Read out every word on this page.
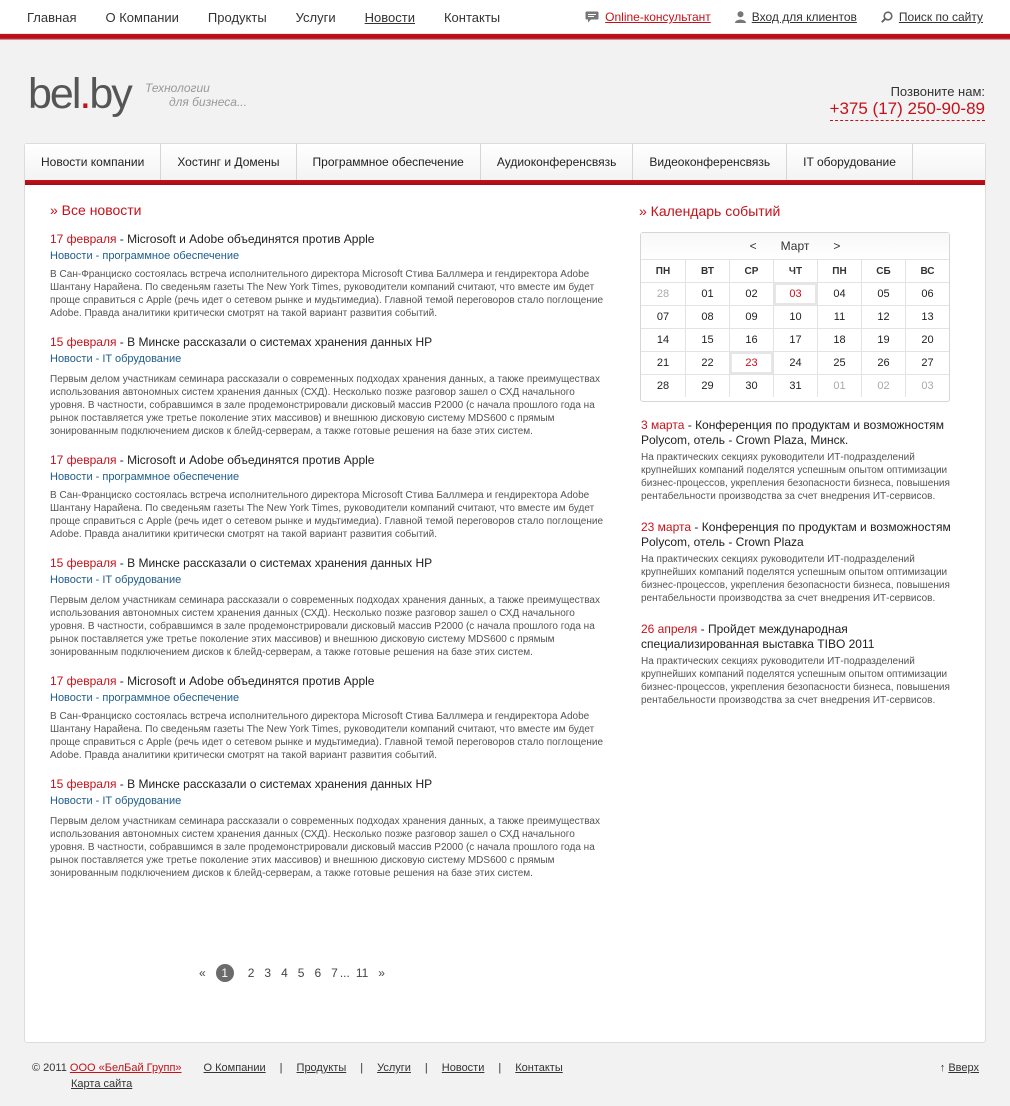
Главная О Компании Продукты Услуги Новости Контакты	Online-консультант	Вход для клиентов	Поиск по сайту
bel.by Технологии
для бизнеса...
Позвоните нам:
+375 (17) 250-90-89
Новости компании	Хостинг и Домены	Программное обеспечение	Аудиоконференсвязь	Видеоконференсвязь	IT оборудование
» Все новости
17 февраля - Microsoft и Adobe объединятся против Apple
Новости - программное обеспечение
В Сан-Франциско состоялась встреча исполнительного директора Microsoft Стива Баллмера и гендиректора Adobe Шантану Нарайена. По сведеньям газеты The New York Times, руководители компаний считают, что вместе им будет проще справиться с Apple (речь идет о сетевом рынке и мудьтимедиа). Главной темой переговоров стало поглощение Adobe. Правда аналитики критически смотрят на такой вариант развития событий.
15 февраля - В Минске рассказали о системах хранения данных HP
Новости - IT обрудование
Первым делом участникам семинара рассказали о современных подходах хранения данных, а также преимуществах использования автономных систем хранения данных (СХД). Несколько позже разговор зашел о СХД начального уровня. В частности, собравшимся в зале продемонстрировали дисковый массив P2000 (с начала прошлого года на рынок поставляется уже третье поколение этих массивов) и внешнюю дисковую систему MDS600 с прямым зонированным подключением дисков к блейд-серверам, а также готовые решения на базе этих систем.
17 февраля - Microsoft и Adobe объединятся против Apple
Новости - программное обеспечение
В Сан-Франциско состоялась встреча исполнительного директора Microsoft Стива Баллмера и гендиректора Adobe Шантану Нарайена. По сведеньям газеты The New York Times, руководители компаний считают, что вместе им будет проще справиться с Apple (речь идет о сетевом рынке и мудьтимедиа). Главной темой переговоров стало поглощение Adobe. Правда аналитики критически смотрят на такой вариант развития событий.
15 февраля - В Минске рассказали о системах хранения данных HP
Новости - IT обрудование
Первым делом участникам семинара рассказали о современных подходах хранения данных, а также преимуществах использования автономных систем хранения данных (СХД). Несколько позже разговор зашел о СХД начального уровня. В частности, собравшимся в зале продемонстрировали дисковый массив P2000 (с начала прошлого года на рынок поставляется уже третье поколение этих массивов) и внешнюю дисковую систему MDS600 с прямым зонированным подключением дисков к блейд-серверам, а также готовые решения на базе этих систем.
17 февраля - Microsoft и Adobe объединятся против Apple
Новости - программное обеспечение
В Сан-Франциско состоялась встреча исполнительного директора Microsoft Стива Баллмера и гендиректора Adobe Шантану Нарайена. По сведеньям газеты The New York Times, руководители компаний считают, что вместе им будет проще справиться с Apple (речь идет о сетевом рынке и мудьтимедиа). Главной темой переговоров стало поглощение Adobe. Правда аналитики критически смотрят на такой вариант развития событий.
15 февраля - В Минске рассказали о системах хранения данных HP
Новости - IT обрудование
Первым делом участникам семинара рассказали о современных подходах хранения данных, а также преимуществах использования автономных систем хранения данных (СХД). Несколько позже разговор зашел о СХД начального уровня. В частности, собравшимся в зале продемонстрировали дисковый массив P2000 (с начала прошлого года на рынок поставляется уже третье поколение этих массивов) и внешнюю дисковую систему MDS600 с прямым зонированным подключением дисков к блейд-серверам, а также готовые решения на базе этих систем.
«	1	2 3 4 5 6 7 ... 11 »
» Календарь событий
< Март >
ПН	ВТ	СР	ЧТ	ПН	СБ	ВС
28	01	02	03	04	05	06
07	08	09	10	11	12	13
14	15	16	17	18	19	20
21	22	23	24	25	26	27
28	29	30	31	01	02	03
3 марта - Конференция по продуктам и возможностям Polycom, отель - Crown Plaza, Минск.
На практических секциях руководители ИТ-подразделений крупнейших компаний поделятся успешным опытом оптимизации бизнес-процессов, укрепления безопасности бизнеса, повышения рентабельности производства за счет внедрения ИТ-сервисов.
23 марта - Конференция по продуктам и возможностям Polycom, отель - Crown Plaza
На практических секциях руководители ИТ-подразделений крупнейших компаний поделятся успешным опытом оптимизации бизнес-процессов, укрепления безопасности бизнеса, повышения рентабельности производства за счет внедрения ИТ-сервисов.
26 апреля - Пройдет международная специализированная выставка TIBO 2011
На практических секциях руководители ИТ-подразделений крупнейших компаний поделятся успешным опытом оптимизации бизнес-процессов, укрепления безопасности бизнеса, повышения рентабельности производства за счет внедрения ИТ-сервисов.
© 2011 ООО «БелБай Групп» О Компании | Продукты | Услуги | Новости | Контакты
Карта сайта
↑ Вверх
